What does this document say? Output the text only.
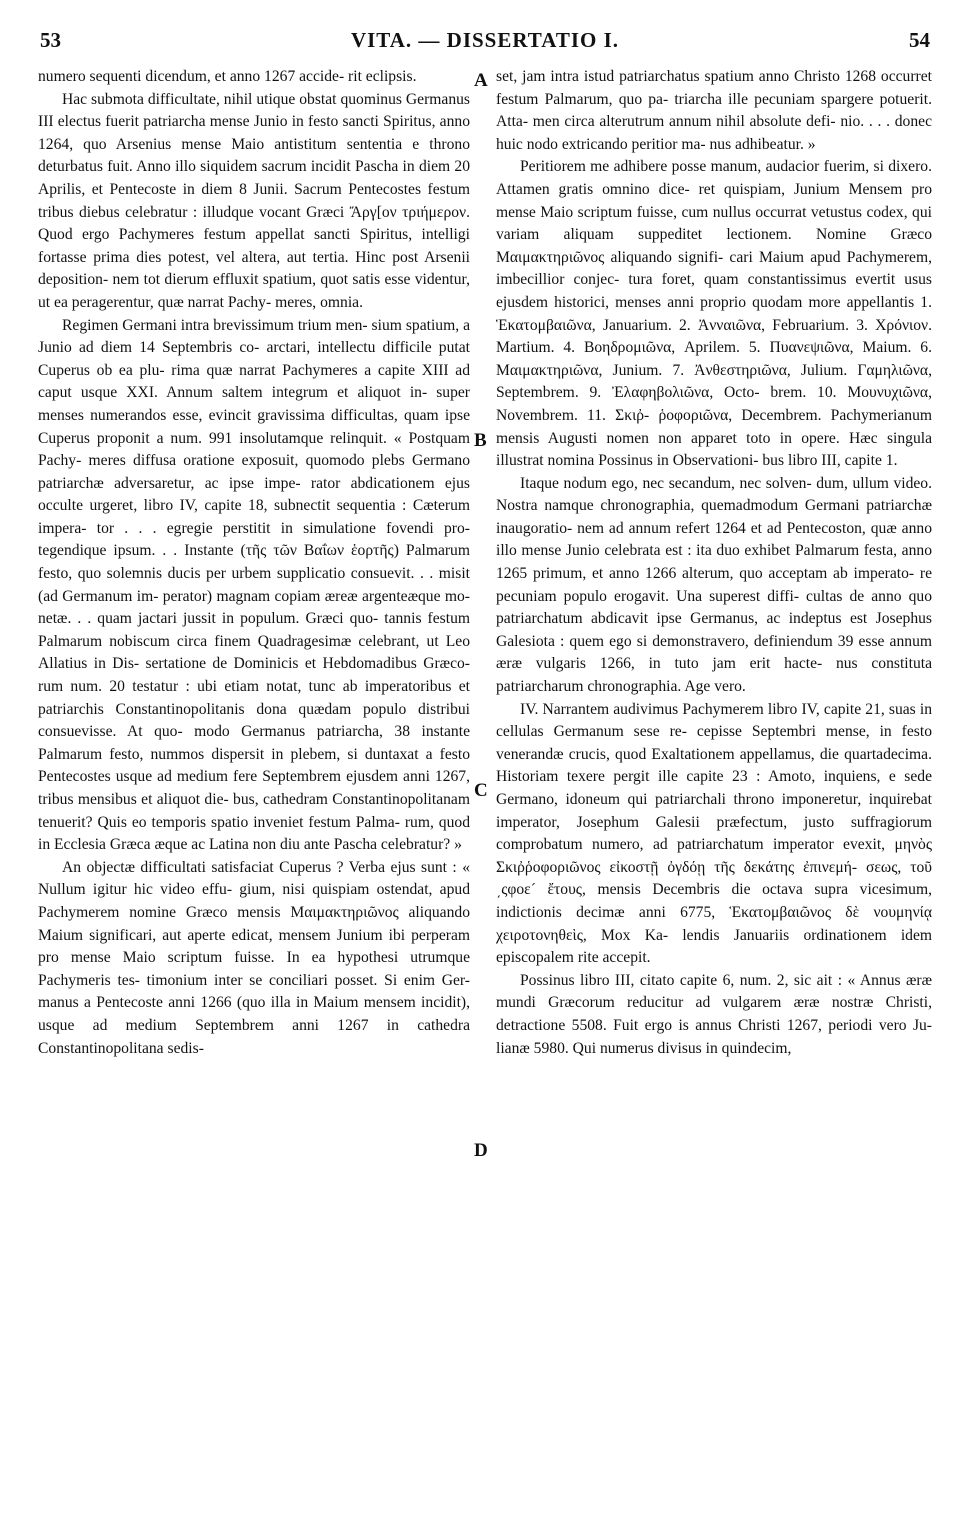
53	VITA. — DISSERTATIO I.	54
A
B
C
D

numero sequenti dicendum, et anno 1267 accide- rit eclipsis.

Hac submota difficultate, nihil utique obstat quominus Germanus III electus fuerit patriarcha mense Junio in festo sancti Spiritus, anno 1264, quo Arsenius mense Maio antistitum sententia e throno deturbatus fuit. Anno illo siquidem sacrum incidit Pascha in diem 20 Aprilis, et Pentecoste in diem 8 Junii. Sacrum Pentecostes festum tribus diebus celebratur : illudque vocant Græci Ἄργ[ον τριήμερον. Quod ergo Pachymeres festum appellat sancti Spiritus, intelligi fortasse prima dies potest, vel altera, aut tertia. Hinc post Arsenii deposition- nem tot dierum effluxit spatium, quot satis esse videntur, ut ea peragerentur, quæ narrat Pachy- meres, omnia.

Regimen Germani intra brevissimum trium men- sium spatium, a Junio ad diem 14 Septembris co- arctari, intellectu difficile putat Cuperus ob ea plu- rima quæ narrat Pachymeres a capite XIII ad caput usque XXI. Annum saltem integrum et aliquot in- super menses numerandos esse, evincit gravissima difficultas, quam ipse Cuperus proponit a num. 991 insolutamque relinquit. « Postquam Pachy- meres diffusa oratione exposuit, quomodo plebs Germano patriarchæ adversaretur, ac ipse impe- rator abdicationem ejus occulte urgeret, libro IV, capite 18, subnectit sequentia : Cæterum impera- tor . . . egregie perstitit in simulatione fovendi pro- tegendique ipsum. . . Instante (τῆς τῶν Βαΐων ἑορτῆς) Palmarum festo, quo solemnis ducis per urbem supplicatio consuevit. . . misit (ad Germanum im- perator) magnam copiam æreæ argenteæque mo- netæ. . . quam jactari jussit in populum. Græci quo- tannis festum Palmarum nobiscum circa finem Quadragesimæ celebrant, ut Leo Allatius in Dis- sertatione de Dominicis et Hebdomadibus Græco- rum num. 20 testatur : ubi etiam notat, tunc ab imperatoribus et patriarchis Constantinopolitanis dona quædam populo distribui consuevisse. At quo- modo Germanus patriarcha, 38 instante Palmarum festo, nummos dispersit in plebem, si duntaxat a festo Pentecostes usque ad medium fere Septembrem ejusdem anni 1267, tribus mensibus et aliquot die- bus, cathedram Constantinopolitanam tenuerit? Quis eo temporis spatio inveniet festum Palma- rum, quod in Ecclesia Græca æque ac Latina non diu ante Pascha celebratur? »

An objectæ difficultati satisfaciat Cuperus ? Verba ejus sunt : « Nullum igitur hic video effu- gium, nisi quispiam ostendat, apud Pachymerem nomine Græco mensis Μαιμακτηριῶνος aliquando Maium significari, aut aperte edicat, mensem Junium ibi perperam pro mense Maio scriptum fuisse. In ea hypothesi utrumque Pachymeris tes- timonium inter se conciliari posset. Si enim Ger- manus a Pentecoste anni 1266 (quo illa in Maium mensem incidit), usque ad medium Septembrem anni 1267 in cathedra Constantinopolitana sedis-

set, jam intra istud patriarchatus spatium anno Christo 1268 occurret festum Palmarum, quo pa- triarcha ille pecuniam spargere potuerit. Atta- men circa alterutrum annum nihil absolute defi- nio. . . . donec huic nodo extricando peritior ma- nus adhibeatur. »

Peritiorem me adhibere posse manum, audacior fuerim, si dixero. Attamen gratis omnino dice- ret quispiam, Junium Mensem pro mense Maio scriptum fuisse, cum nullus occurrat vetustus codex, qui variam aliquam suppeditet lectionem. Nomine Græco Μαιμακτηριῶνος aliquando signifi- cari Maium apud Pachymerem, imbecillior conjec- tura foret, quam constantissimus evertit usus ejusdem historici, menses anni proprio quodam more appellantis 1. Ἑκατομβαιῶνα, Januarium. 2. Ἀνναιῶνα, Februarium. 3. Χρόνιον. Martium. 4. Βοηδρομιῶνα, Aprilem. 5. Πυανεψιῶνα, Maium. 6. Μαιμακτηριῶνα, Junium. 7. Ἀνθεστηριῶνα, Julium. Γαμηλιῶνα, Septembrem. 9. Ἐλαφηβολιῶνα, Octo- brem. 10. Μουνυχιῶνα, Novembrem. 11. Σκιῤ- ῥοφοριῶνα, Decembrem. Pachymerianum mensis Augusti nomen non apparet toto in opere. Hæc singula illustrat nomina Possinus in Observationi- bus libro III, capite 1.

Itaque nodum ego, nec secandum, nec solven- dum, ullum video. Nostra namque chronographia, quemadmodum Germani patriarchæ inaugoratio- nem ad annum refert 1264 et ad Pentecoston, quæ anno illo mense Junio celebrata est : ita duo exhibet Palmarum festa, anno 1265 primum, et anno 1266 alterum, quo acceptam ab imperato- re pecuniam populo erogavit. Una superest diffi- cultas de anno quo patriarchatum abdicavit ipse Germanus, ac indeptus est Josephus Galesiota : quem ego si demonstravero, definiendum 39 esse annum æræ vulgaris 1266, in tuto jam erit hacte- nus constituta patriarcharum chronographia. Age vero.

IV. Narrantem audivimus Pachymerem libro IV, capite 21, suas in cellulas Germanum sese re- cepisse Septembri mense, in festo venerandæ crucis, quod Exaltationem appellamus, die quartadecima. Historiam texere pergit ille capite 23 : Amoto, inquiens, e sede Germano, idoneum qui patriarchali throno imponeretur, inquirebat imperator, Josephum Galesii præfectum, justo suffragiorum comprobatum numero, ad patriarchatum imperator evexit, μηνὸς Σκιῤῥοφοριῶνος εἰκοστῇ ὀγδόῃ τῆς δεκάτης ἐπινεμή- σεως, τοῦ ͵ςφοε´ ἔτους, mensis Decembris die octava supra vicesimum, indictionis decimæ anni 6775, Ἑκατομβαιῶνος δὲ νουμηνίᾳ χειροτονηθεὶς, Mox Ka- lendis Januariis ordinationem idem episcopalem rite accepit.

Possinus libro III, citato capite 6, num. 2, sic ait : « Annus æræ mundi Græcorum reducitur ad vulgarem æræ nostræ Christi, detractione 5508. Fuit ergo is annus Christi 1267, periodi vero Ju- lianæ 5980. Qui numerus divisus in quindecim,
